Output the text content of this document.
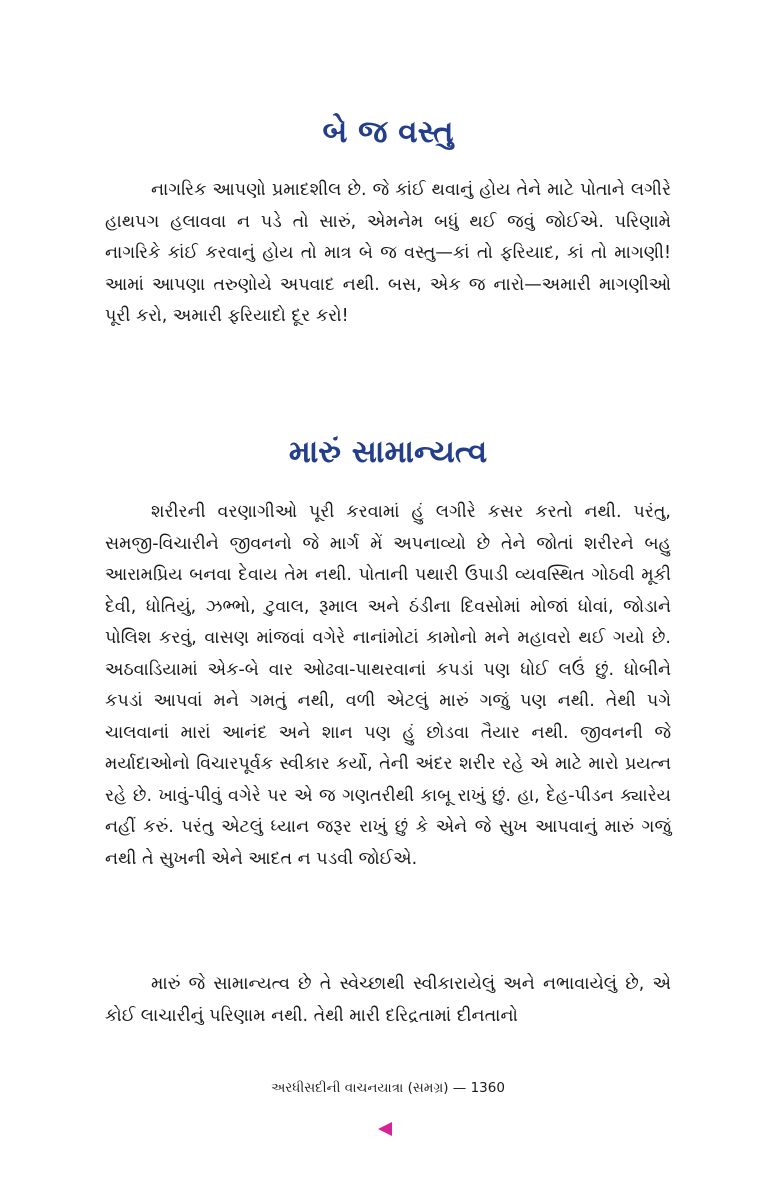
બે જ વસ્તુ

નાગરિક આપણો પ્રમાદશીલ છે. જે કાંઈ થવાનું હોય તેને માટે પોતાને લગીરે હાથપગ હલાવવા ન પડે તો સારું, એમનેમ બધું થઈ જવું જોઈએ. પરિણામે નાગરિકે કાંઈ કરવાનું હોય તો માત્ર બે જ વસ્તુ—કાં તો ફરિયાદ, કાં તો માગણી! આમાં આપણા તરુણોયે અપવાદ નથી. બસ, એક જ નારો—અમારી માગણીઓ પૂરી કરો, અમારી ફરિયાદો દૂર કરો!

મારું સામાન્યત્વ

શરીરની વરણાગીઓ પૂરી કરવામાં હું લગીરે કસર કરતો નથી. પરંતુ, સમજી-વિચારીને જીવનનો જે માર્ગ મેં અપનાવ્યો છે તેને જોતાં શરીરને બહુ આરામપ્રિય બનવા દેવાય તેમ નથી. પોતાની પથારી ઉપાડી વ્યવસ્થિત ગોઠવી મૂકી દેવી, ધોતિયું, ઝભ્ભો, ટુવાલ, રૂમાલ અને ઠંડીના દિવસોમાં મોજાં ધોવાં, જોડાને પોલિશ કરવું, વાસણ માંજવાં વગેરે નાનાંમોટાં કામોનો મને મહાવરો થઈ ગયો છે. અઠવાડિયામાં એક-બે વાર ઓઢવા-પાથરવાનાં કપડાં પણ ધોઈ લઉં છું. ધોબીને કપડાં આપવાં મને ગમતું નથી, વળી એટલું મારું ગજું પણ નથી. તેથી પગે ચાલવાનાં મારાં આનંદ અને શાન પણ હું છોડવા તૈયાર નથી. જીવનની જે મર્યાદાઓનો વિચારપૂર્વક સ્વીકાર કર્યો, તેની અંદર શરીર રહે એ માટે મારો પ્રયત્ન રહે છે. ખાવું-પીવું વગેરે પર એ જ ગણતરીથી કાબૂ રાખું છું. હા, દેહ-પીડન ક્યારેય નહીં કરું. પરંતુ એટલું ધ્યાન જરૂર રાખું છું કે એને જે સુખ આપવાનું મારું ગજું નથી તે સુખની એને આદત ન પડવી જોઈએ.

મારું જે સામાન્યત્વ છે તે સ્વેચ્છાથી સ્વીકારાયેલું અને નભાવાયેલું છે, એ કોઈ લાચારીનું પરિણામ નથી. તેથી મારી દરિદ્રતામાં દીનતાનો

અરધીસદીની વાચનયાત્રા (સમગ્ર) — 1360
